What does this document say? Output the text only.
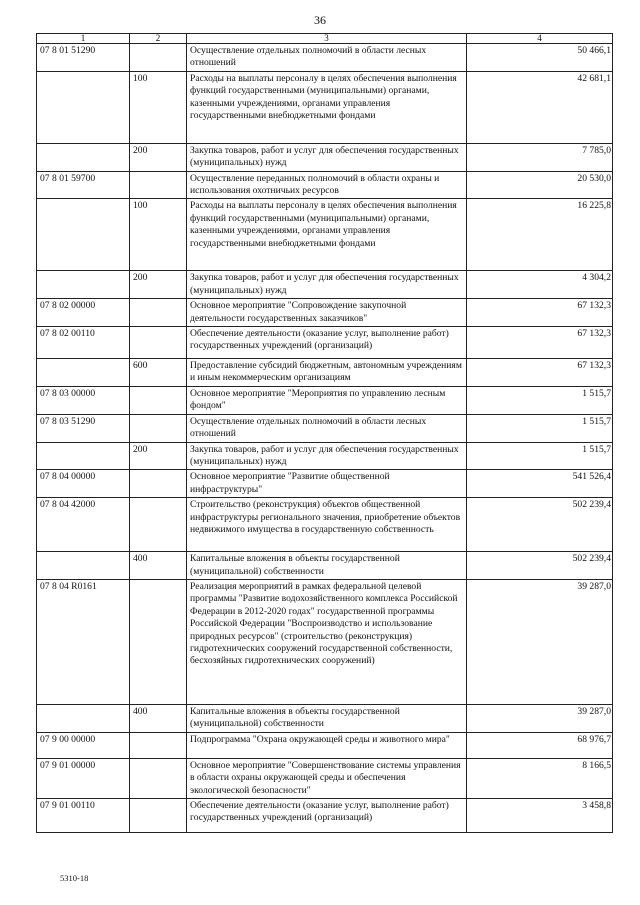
36
1	2	3	4
07 8 01 51290		Осуществление отдельных полномочий в области лесных отношений	50 466,1
	100	Расходы на выплаты персоналу в целях обеспечения выполнения функций государственными (муниципальными) органами, казенными учреждениями, органами управления государственными внебюджетными фондами	42 681,1
	200	Закупка товаров, работ и услуг для обеспечения государственных (муниципальных) нужд	7 785,0
07 8 01 59700		Осуществление переданных полномочий в области охраны и использования охотничьих ресурсов	20 530,0
	100	Расходы на выплаты персоналу в целях обеспечения выполнения функций государственными (муниципальными) органами, казенными учреждениями, органами управления государственными внебюджетными фондами	16 225,8
	200	Закупка товаров, работ и услуг для обеспечения государственных (муниципальных) нужд	4 304,2
07 8 02 00000		Основное мероприятие "Сопровождение закупочной деятельности государственных заказчиков"	67 132,3
07 8 02 00110		Обеспечение деятельности (оказание услуг, выполнение работ) государственных учреждений (организаций)	67 132,3
	600	Предоставление субсидий бюджетным, автономным учреждениям и иным некоммерческим организациям	67 132,3
07 8 03 00000		Основное мероприятие "Мероприятия по управлению лесным фондом"	1 515,7
07 8 03 51290		Осуществление отдельных полномочий в области лесных отношений	1 515,7
	200	Закупка товаров, работ и услуг для обеспечения государственных (муниципальных) нужд	1 515,7
07 8 04 00000		Основное мероприятие "Развитие общественной инфраструктуры"	541 526,4
07 8 04 42000		Строительство (реконструкция) объектов общественной инфраструктуры регионального значения, приобретение объектов недвижимого имущества в государственную собственность	502 239,4
	400	Капитальные вложения в объекты государственной (муниципальной) собственности	502 239,4
07 8 04 R0161		Реализация мероприятий в рамках федеральной целевой программы "Развитие водохозяйственного комплекса Российской Федерации в 2012-2020 годах" государственной программы Российской Федерации "Воспроизводство и использование природных ресурсов" (строительство (реконструкция) гидротехнических сооружений государственной собственности, бесхозяйных гидротехнических сооружений)	39 287,0
	400	Капитальные вложения в объекты государственной (муниципальной) собственности	39 287,0
07 9 00 00000		Подпрограмма "Охрана окружающей среды и животного мира"	68 976,7
07 9 01 00000		Основное мероприятие "Совершенствование системы управления в области охраны окружающей среды и обеспечения экологической безопасности"	8 166,5
07 9 01 00110		Обеспечение деятельности (оказание услуг, выполнение работ) государственных учреждений (организаций)	3 458,8
5310-18
